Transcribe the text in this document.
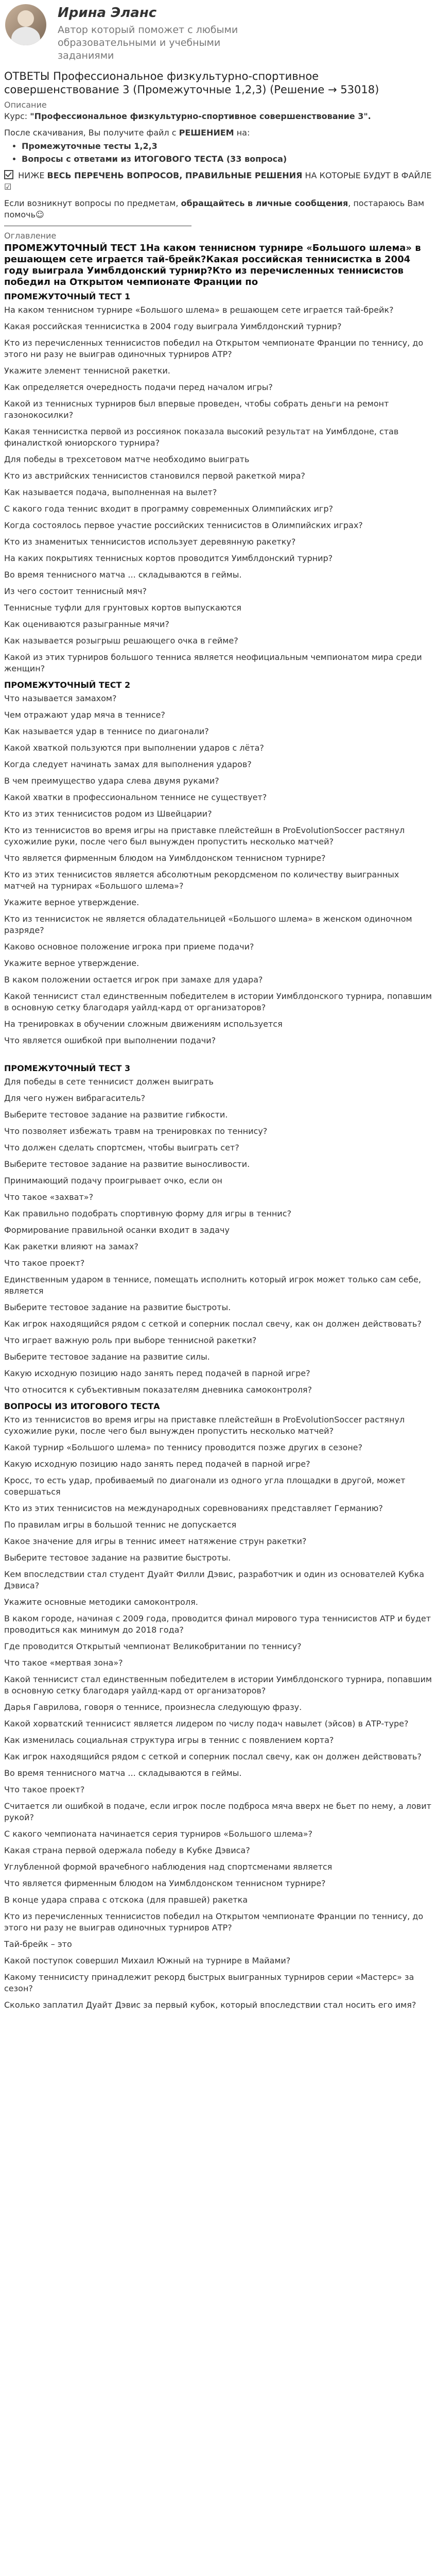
Ирина Эланс
Автор который поможет с любыми образовательными и учебными заданиями
ОТВЕТЫ Профессиональное физкультурно-спортивное совершенствование 3 (Промежуточные 1,2,3) (Решение → 53018)

Описание

Курс: "Профессиональное физкультурно-спортивное совершенствование 3".

После скачивания, Вы получите файл с РЕШЕНИЕМ на:

• Промежуточные тесты 1,2,3
• Вопросы с ответами из ИТОГОВОГО ТЕСТА (33 вопроса)

НИЖЕ ВЕСЬ ПЕРЕЧЕНЬ ВОПРОСОВ, ПРАВИЛЬНЫЕ РЕШЕНИЯ НА КОТОРЫЕ БУДУТ В ФАЙЛЕ ☑

Если возникнут вопросы по предметам, обращайтесь в личные сообщения, постараюсь Вам помочь☺

Оглавление

ПРОМЕЖУТОЧНЫЙ ТЕСТ 1На каком теннисном турнире «Большого шлема» в решающем сете играется тай-брейк?Какая российская теннисистка в 2004 году выиграла Уимблдонский турнир?Кто из перечисленных теннисистов победил на Открытом чемпионате Франции по
ПРОМЕЖУТОЧНЫЙ ТЕСТ 1
На каком теннисном турнире «Большого шлема» в решающем сете играется тай-брейк?
Какая российская теннисистка в 2004 году выиграла Уимблдонский турнир?
Кто из перечисленных теннисистов победил на Открытом чемпионате Франции по теннису, до этого ни разу не выиграв одиночных турниров АТР?
Укажите элемент теннисной ракетки.
Как определяется очередность подачи перед началом игры?
Какой из теннисных турниров был впервые проведен, чтобы собрать деньги на ремонт газонокосилки?
Какая теннисистка первой из россиянок показала высокий результат на Уимблдоне, став финалисткой юниорского турнира?
Для победы в трехсетовом матче необходимо выиграть
Кто из австрийских теннисистов становился первой ракеткой мира?
Как называется подача, выполненная на вылет?
С какого года теннис входит в программу современных Олимпийских игр?
Когда состоялось первое участие российских теннисистов в Олимпийских играх?
Кто из знаменитых теннисистов использует деревянную ракетку?
На каких покрытиях теннисных кортов проводится Уимблдонский турнир?
Во время теннисного матча ... складываются в геймы.
Из чего состоит теннисный мяч?
Теннисные туфли для грунтовых кортов выпускаются
Как оцениваются разыгранные мячи?
Как называется розыгрыш решающего очка в гейме?
Какой из этих турниров большого тенниса является неофициальным чемпионатом мира среди женщин?
ПРОМЕЖУТОЧНЫЙ ТЕСТ 2
Что называется замахом?
Чем отражают удар мяча в теннисе?
Как называется удар в теннисе по диагонали?
Какой хваткой пользуются при выполнении ударов с лёта?
Когда следует начинать замах для выполнения ударов?
В чем преимущество удара слева двумя руками?
Какой хватки в профессиональном теннисе не существует?
Кто из этих теннисистов родом из Швейцарии?
Кто из теннисистов во время игры на приставке плейстейшн в ProEvolutionSoccer растянул сухожилие руки, после чего был вынужден пропустить несколько матчей?
Что является фирменным блюдом на Уимблдонском теннисном турнире?
Кто из этих теннисистов является абсолютным рекордсменом по количеству выигранных матчей на турнирах «Большого шлема»?
Укажите верное утверждение.
Кто из теннисисток не является обладательницей «Большого шлема» в женском одиночном разряде?
Каково основное положение игрока при приеме подачи?
Укажите верное утверждение.
В каком положении остается игрок при замахе для удара?
Какой теннисист стал единственным победителем в истории Уимблдонского турнира, попавшим в основную сетку благодаря уайлд-кард от организаторов?
На тренировках в обучении сложным движениям используется
Что является ошибкой при выполнении подачи?
ПРОМЕЖУТОЧНЫЙ ТЕСТ 3
Для победы в сете теннисист должен выиграть
Для чего нужен вибрагаситель?
Выберите тестовое задание на развитие гибкости.
Что позволяет избежать травм на тренировках по теннису?
Что должен сделать спортсмен, чтобы выиграть сет?
Выберите тестовое задание на развитие выносливости.
Принимающий подачу проигрывает очко, если он
Что такое «захват»?
Как правильно подобрать спортивную форму для игры в теннис?
Формирование правильной осанки входит в задачу
Как ракетки влияют на замах?
Что такое проект?
Единственным ударом в теннисе, помещать исполнить который игрок может только сам себе, является
Выберите тестовое задание на развитие быстроты.
Как игрок находящийся рядом с сеткой и соперник послал свечу, как он должен действовать?
Что играет важную роль при выборе теннисной ракетки?
Выберите тестовое задание на развитие силы.
Какую исходную позицию надо занять перед подачей в парной игре?
Что относится к субъективным показателям дневника самоконтроля?
ВОПРОСЫ ИЗ ИТОГОВОГО ТЕСТА
Кто из теннисистов во время игры на приставке плейстейшн в ProEvolutionSoccer растянул сухожилие руки, после чего был вынужден пропустить несколько матчей?
Какой турнир «Большого шлема» по теннису проводится позже других в сезоне?
Какую исходную позицию надо занять перед подачей в парной игре?
Кросс, то есть удар, пробиваемый по диагонали из одного угла площадки в другой, может совершаться
Кто из этих теннисистов на международных соревнованиях представляет Германию?
По правилам игры в большой теннис не допускается
Какое значение для игры в теннис имеет натяжение струн ракетки?
Выберите тестовое задание на развитие быстроты.
Кем впоследствии стал студент Дуайт Филли Дэвис, разработчик и один из основателей Кубка Дэвиса?
Укажите основные методики самоконтроля.
В каком городе, начиная с 2009 года, проводится финал мирового тура теннисистов ATP и будет проводиться как минимум до 2018 года?
Где проводится Открытый чемпионат Великобритании по теннису?
Что такое «мертвая зона»?
Какой теннисист стал единственным победителем в истории Уимблдонского турнира, попавшим в основную сетку благодаря уайлд-кард от организаторов?
Дарья Гаврилова, говоря о теннисе, произнесла следующую фразу.
Какой хорватский теннисист является лидером по числу подач навылет (эйсов) в АТР-туре?
Как изменилась социальная структура игры в теннис с появлением корта?
Как игрок находящийся рядом с сеткой и соперник послал свечу, как он должен действовать?
Во время теннисного матча ... складываются в геймы.
Что такое проект?
Считается ли ошибкой в подаче, если игрок после подброса мяча вверх не бьет по нему, а ловит рукой?
С какого чемпионата начинается серия турниров «Большого шлема»?
Какая страна первой одержала победу в Кубке Дэвиса?
Углубленной формой врачебного наблюдения над спортсменами является
Что является фирменным блюдом на Уимблдонском теннисном турнире?
В конце удара справа с отскока (для правшей) ракетка
Кто из перечисленных теннисистов победил на Открытом чемпионате Франции по теннису, до этого ни разу не выиграв одиночных турниров АТР?
Тай-брейк – это
Какой поступок совершил Михаил Южный на турнире в Майами?
Какому теннисисту принадлежит рекорд быстрых выигранных турниров серии «Мастерс» за сезон?
Сколько заплатил Дуайт Дэвис за первый кубок, который впоследствии стал носить его имя?
